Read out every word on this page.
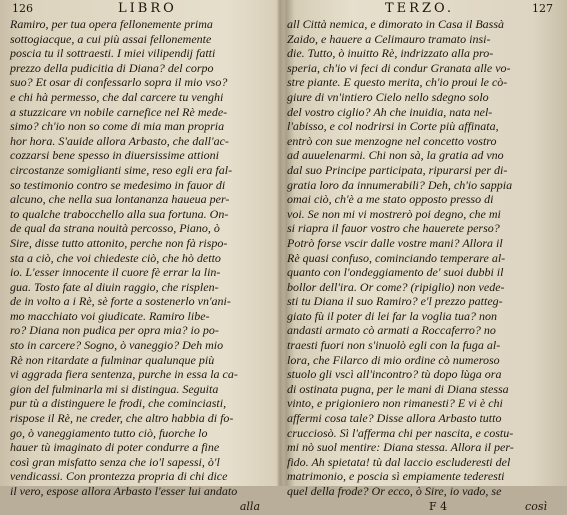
126	LIBRO
Ramiro, per tua opera fellonemente prima
sottogiacque, a cui più assai fellonemente
poscia tu il sottraesti. I miei vilipendij fatti
prezzo della pudicitia di Diana? del corpo
suo? Et osar di confessarlo sopra il mio vso?
e chi hà permesso, che dal carcere tu venghi
a stuzzicare vn nobile carnefice nel Rè mede-
simo? ch'io non so come di mia man propria
hor hora. S'auide allora Arbasto, che dall'ac-
cozzarsi bene spesso in diuersissime attioni
circostanze somiglianti sime, reso egli era fal-
so testimonio contro se medesimo in fauor di
alcuno, che nella sua lontananza haueua per-
to qualche trabocchello alla sua fortuna. On-
de qual da strana nouità percosso, Piano, ò
Sire, disse tutto attonito, perche non fà rispo-
sta a ciò, che voi chiedeste ciò, che hò detto
io. L'esser innocente il cuore fè errar la lin-
gua. Tosto fate al diuin raggio, che risplen-
de in volto a i Rè, sè forte a sostenerlo vn'ani-
mo macchiato voi giudicate. Ramiro libe-
ro? Diana non pudica per opra mia? io po-
sto in carcere? Sogno, ò vaneggio? Deh mio
Rè non ritardate a fulminar qualunque più
vi aggrada fiera sentenza, purche in essa la ca-
gion del fulminarla mi si distingua. Seguita
pur tù a distinguere le frodi, che cominciasti,
rispose il Rè, ne creder, che altro habbia di fo-
go, ò vaneggiamento tutto ciò, fuorche lo
hauer tù imaginato di poter condurre a fine
così gran misfatto senza che io'l sapessi, ò'l
vendicassi. Con prontezza propria di chi dice
il vero, espose allora Arbasto l'esser lui andato
alla
TERZO.	127
all Città nemica, e dimorato in Casa il Bassà
Zaido, e hauere a Celimauro tramato insi-
die. Tutto, ò inuitto Rè, indrizzato alla pro-
speria, ch'io vi feci di condur Granata alle vo-
stre piante. E questo merita, ch'io proui le cò-
giure di vn'intiero Cielo nello sdegno solo
del vostro ciglio? Ah che inuidia, nata nel-
l'abisso, e col nodrirsi in Corte più affinata,
entrò con sue menzogne nel concetto vostro
ad auuelenarmi. Chi non sà, la gratia ad vno
dal suo Principe participata, ripurarsi per di-
gratia loro da innumerabili? Deh, ch'io sappia
omai ciò, ch'è a me stato opposto presso di
voi. Se non mi vi mostrerò poi degno, che mi
si riapra il fauor vostro che hauerete perso?
Potrò forse vscir dalle vostre mani? Allora il
Rè quasi confuso, cominciando temperare al-
quanto con l'ondeggiamento de' suoi dubbi il
bollor dell'ira. Or come? (ripiglio) non vede-
sti tu Diana il suo Ramiro? e'l prezzo patteg-
giato fù il poter di lei far la voglia tua? non
andasti armato cò armati a Roccaferro? no
traesti fuori non s'inuolò egli con la fuga al-
lora, che Filarco di mio ordine cò numeroso
stuolo gli vscì all'incontro? tù dopo lùga ora
di ostinata pugna, per le mani di Diana stessa
vinto, e prigioniero non rimanesti? E vi è chi
affermi cosa tale? Disse allora Arbasto tutto
crucciosò. Sì l'afferma chi per nascita, e costu-
mi nò suol mentire: Diana stessa. Allora il per-
fido. Ah spietata! tù dal laccio escluderesti del
matrimonio, e poscia sì empiamente tederesti
quel della frode? Or ecco, ò Sire, io vado, se
F 4	così
